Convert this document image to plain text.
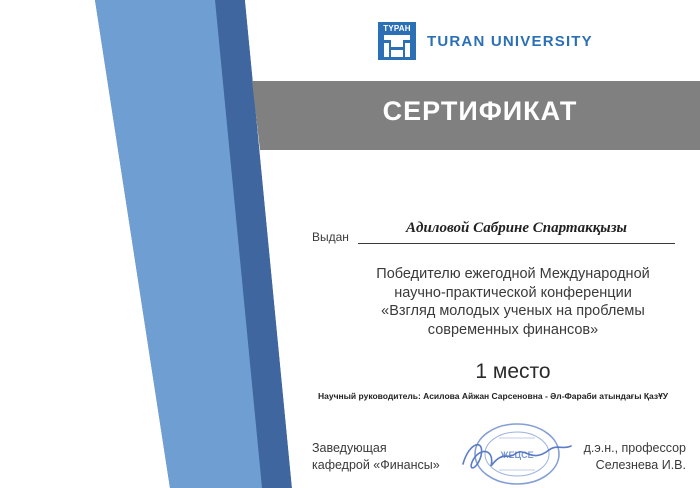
TYPAH
TURAN UNIVERSITY
СЕРТИФИКАТ
Выдан
Адиловой Сабрине Спартакқызы
Победителю ежегодной Международной
научно-практической конференции
«Взгляд молодых ученых на проблемы
современных финансов»
1 место
Научный руководитель: Асилова Айжан Сарсеновна - Әл-Фараби атындағы ҚазҰУ
ЖЕЦСЕ
Заведующая
кафедрой «Финансы»
д.э.н., профессор
Селезнева И.В.
